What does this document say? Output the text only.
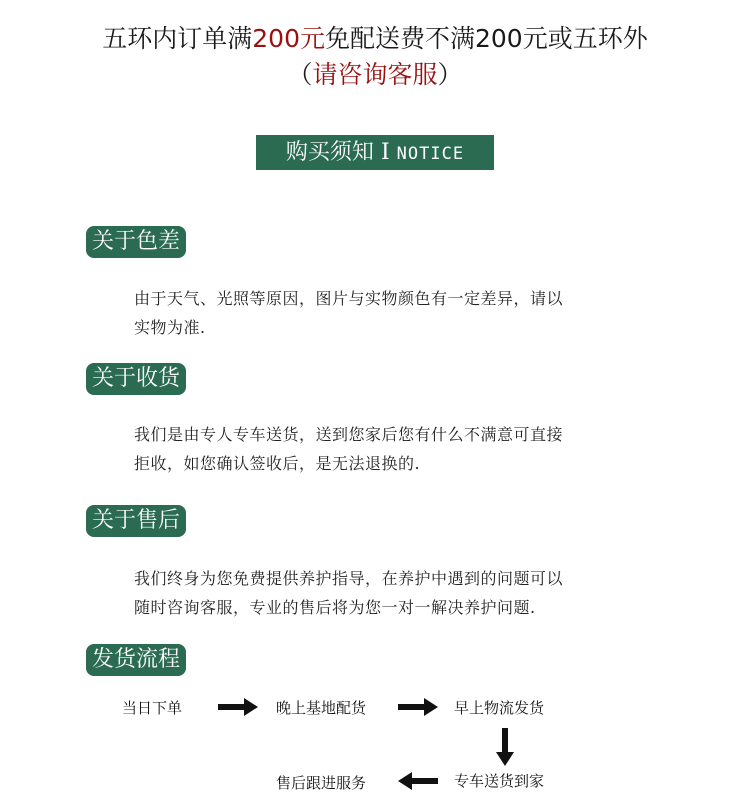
五环内订单满200元免配送费不满200元或五环外
（请咨询客服）
购买须知 Ⅰ NOTICE
关于色差
由于天气、光照等原因，图片与实物颜色有一定差异，请以
实物为准.
关于收货
我们是由专人专车送货，送到您家后您有什么不满意可直接
拒收，如您确认签收后，是无法退换的.
关于售后
我们终身为您免费提供养护指导，在养护中遇到的问题可以
随时咨询客服，专业的售后将为您一对一解决养护问题.
发货流程
当日下单	晚上基地配货	早上物流发货
专车送货到家
售后跟进服务
